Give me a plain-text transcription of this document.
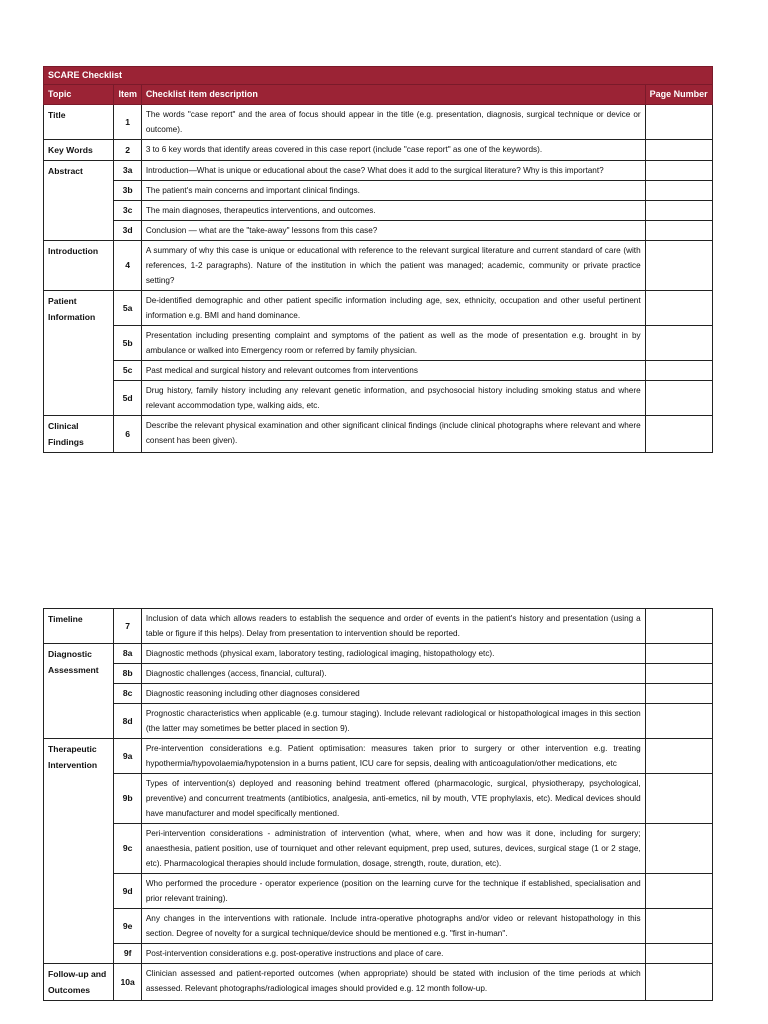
SCARE Checklist			
Topic	Item	Checklist item description	Page Number
Title	1	The words "case report" and the area of focus should appear in the title (e.g. presentation, diagnosis, surgical technique or device or outcome).	
Key Words	2	3 to 6 key words that identify areas covered in this case report (include "case report" as one of the keywords).	
Abstract	3a	Introduction—What is unique or educational about the case? What does it add to the surgical literature? Why is this important?	
	3b	The patient's main concerns and important clinical findings.	
	3c	The main diagnoses, therapeutics interventions, and outcomes.	
	3d	Conclusion — what are the "take-away" lessons from this case?	
Introduction	4	A summary of why this case is unique or educational with reference to the relevant surgical literature and current standard of care (with references, 1-2 paragraphs). Nature of the institution in which the patient was managed; academic, community or private practice setting?	
Patient Information	5a	De-identified demographic and other patient specific information including age, sex, ethnicity, occupation and other useful pertinent information e.g. BMI and hand dominance.	
	5b	Presentation including presenting complaint and symptoms of the patient as well as the mode of presentation e.g. brought in by ambulance or walked into Emergency room or referred by family physician.	
	5c	Past medical and surgical history and relevant outcomes from interventions	
	5d	Drug history, family history including any relevant genetic information, and psychosocial history including smoking status and where relevant accommodation type, walking aids, etc.	
Clinical Findings	6	Describe the relevant physical examination and other significant clinical findings (include clinical photographs where relevant and where consent has been given).	
Timeline	7	Inclusion of data which allows readers to establish the sequence and order of events in the patient's history and presentation (using a table or figure if this helps). Delay from presentation to intervention should be reported.	
Diagnostic Assessment	8a	Diagnostic methods (physical exam, laboratory testing, radiological imaging, histopathology etc).	
	8b	Diagnostic challenges (access, financial, cultural).	
	8c	Diagnostic reasoning including other diagnoses considered	
	8d	Prognostic characteristics when applicable (e.g. tumour staging). Include relevant radiological or histopathological images in this section (the latter may sometimes be better placed in section 9).	
Therapeutic Intervention	9a	Pre-intervention considerations e.g. Patient optimisation: measures taken prior to surgery or other intervention e.g. treating hypothermia/hypovolaemia/hypotension in a burns patient, ICU care for sepsis, dealing with anticoagulation/other medications, etc	
	9b	Types of intervention(s) deployed and reasoning behind treatment offered (pharmacologic, surgical, physiotherapy, psychological, preventive) and concurrent treatments (antibiotics, analgesia, anti-emetics, nil by mouth, VTE prophylaxis, etc). Medical devices should have manufacturer and model specifically mentioned.	
	9c	Peri-intervention considerations - administration of intervention (what, where, when and how was it done, including for surgery; anaesthesia, patient position, use of tourniquet and other relevant equipment, prep used, sutures, devices, surgical stage (1 or 2 stage, etc). Pharmacological therapies should include formulation, dosage, strength, route, duration, etc).	
	9d	Who performed the procedure - operator experience (position on the learning curve for the technique if established, specialisation and prior relevant training).	
	9e	Any changes in the interventions with rationale. Include intra-operative photographs and/or video or relevant histopathology in this section. Degree of novelty for a surgical technique/device should be mentioned e.g. "first in-human".	
	9f	Post-intervention considerations e.g. post-operative instructions and place of care.	
Follow-up and Outcomes	10a	Clinician assessed and patient-reported outcomes (when appropriate) should be stated with inclusion of the time periods at which assessed. Relevant photographs/radiological images should provided e.g. 12 month follow-up.	
